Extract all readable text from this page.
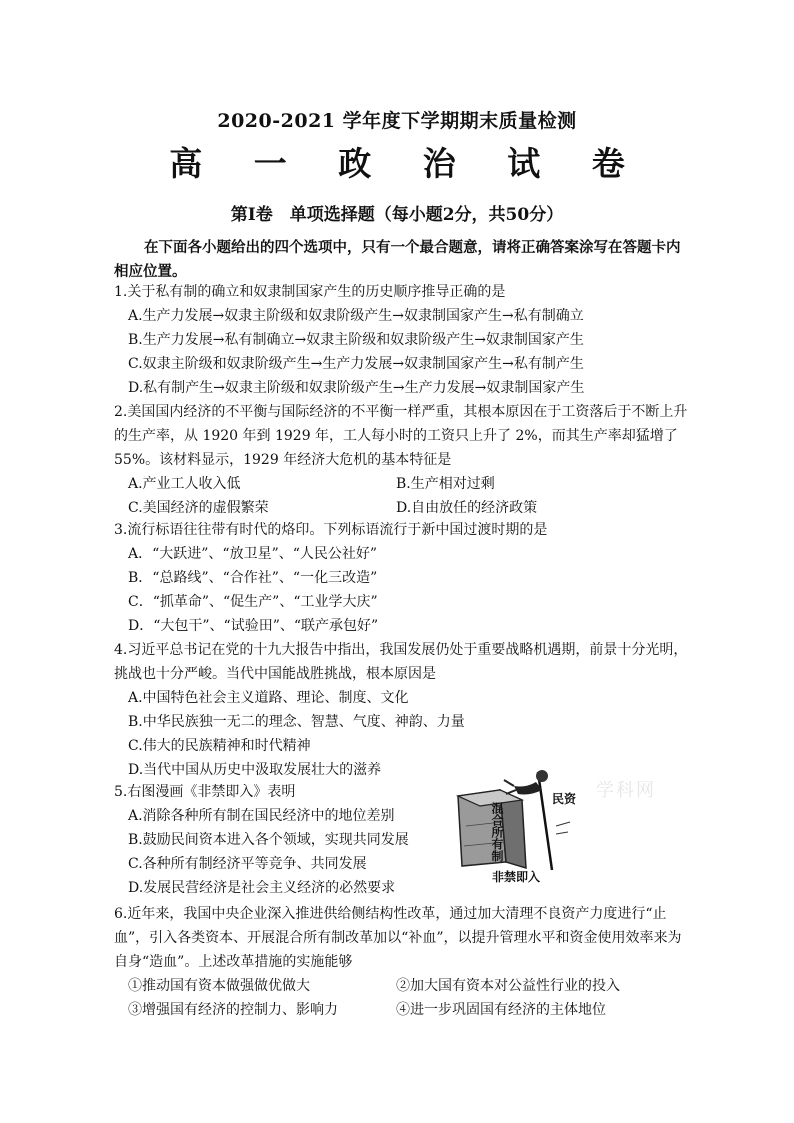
2020-2021 学年度下学期期末质量检测
高 一 政 治 试 卷
第Ⅰ卷　单项选择题（每小题2分，共50分）
在下面各小题给出的四个选项中，只有一个最合题意，请将正确答案涂写在答题卡内相应位置。
1.关于私有制的确立和奴隶制国家产生的历史顺序推导正确的是
A.生产力发展→奴隶主阶级和奴隶阶级产生→奴隶制国家产生→私有制确立
B.生产力发展→私有制确立→奴隶主阶级和奴隶阶级产生→奴隶制国家产生
C.奴隶主阶级和奴隶阶级产生→生产力发展→奴隶制国家产生→私有制产生
D.私有制产生→奴隶主阶级和奴隶阶级产生→生产力发展→奴隶制国家产生
2.美国国内经济的不平衡与国际经济的不平衡一样严重，其根本原因在于工资落后于不断上升的生产率，从 1920 年到 1929 年，工人每小时的工资只上升了 2%，而其生产率却猛增了 55%。该材料显示，1929 年经济大危机的基本特征是
A.产业工人收入低	B.生产相对过剩
C.美国经济的虚假繁荣	D.自由放任的经济政策
3.流行标语往往带有时代的烙印。下列标语流行于新中国过渡时期的是
A．“大跃进”、“放卫星”、“人民公社好”
B．“总路线”、“合作社”、“一化三改造”
C．“抓革命”、“促生产”、“工业学大庆”
D．“大包干”、“试验田”、“联产承包好”
4.习近平总书记在党的十九大报告中指出，我国发展仍处于重要战略机遇期，前景十分光明，挑战也十分严峻。当代中国能战胜挑战，根本原因是
A.中国特色社会主义道路、理论、制度、文化
B.中华民族独一无二的理念、智慧、气度、神韵、力量
C.伟大的民族精神和时代精神
D.当代中国从历史中汲取发展壮大的滋养
5.右图漫画《非禁即入》表明
A.消除各种所有制在国民经济中的地位差别
B.鼓励民间资本进入各个领域，实现共同发展
C.各种所有制经济平等竞争、共同发展
D.发展民营经济是社会主义经济的必然要求
混合所有制
民资
非禁即入
学科网
6.近年来，我国中央企业深入推进供给侧结构性改革，通过加大清理不良资产力度进行“止血”，引入各类资本、开展混合所有制改革加以“补血”，以提升管理水平和资金使用效率来为自身“造血”。上述改革措施的实施能够
①推动国有资本做强做优做大	②加大国有资本对公益性行业的投入
③增强国有经济的控制力、影响力	④进一步巩固国有经济的主体地位
